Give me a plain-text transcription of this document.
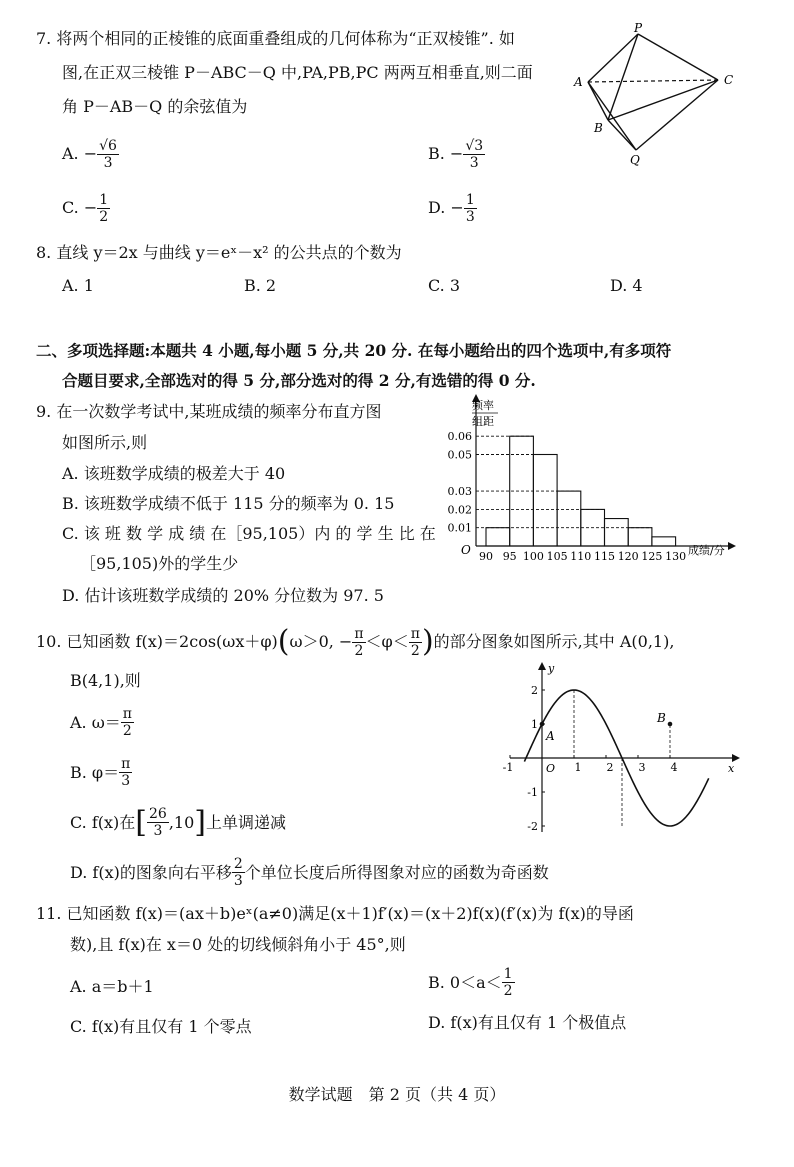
7. 将两个相同的正棱锥的底面重叠组成的几何体称为“正双棱锥”. 如
图,在正双三棱锥 P－ABC－Q 中,PA,PB,PC 两两互相垂直,则二面
角 P－AB－Q 的余弦值为
A. − $\frac{√6}{3}$	B. − $\frac{√3}{3}$
C. − $\frac{1}{2}$	D. − $\frac{1}{3}$
P
A	C
B
Q
8. 直线 y＝2x 与曲线 y＝eˣ－x² 的公共点的个数为
A. 1	B. 2	C. 3	D. 4
二、多项选择题:本题共 4 小题,每小题 5 分,共 20 分. 在每小题给出的四个选项中,有多项符
合题目要求,全部选对的得 5 分,部分选对的得 2 分,有选错的得 0 分.
9. 在一次数学考试中,某班成绩的频率分布直方图
如图所示,则
A. 该班数学成绩的极差大于 40
B. 该班数学成绩不低于 115 分的频率为 0. 15
C. 该 班 数 学 成 绩 在［95,105）内 的 学 生 比 在
［95,105)外的学生少
D. 估计该班数学成绩的 20% 分位数为 97. 5
频率
组距
O	成绩/分
0.06
0.05
0.03
0.02
0.01
90 95 100 105 110 115 120 125 130
10. 已知函数 f(x)＝2cos(ωx＋φ) ( ω＞0, − $\frac{\pi}{2} <\varphi< \frac{\pi}{2}$ ) 的部分图象如图所示,其中 A(0,1),
B(4,1),则
A. $\omega= \frac{\pi}{2}$
B. $\varphi= \frac{\pi}{3}$
C. f(x)在 [ $\frac{26}{3} ,10$ ] 上单调递减
D. f(x)的图象向右平移 $\frac{2}{3}$ 个单位长度后所得图象对应的函数为奇函数
x
y
O
-1	1 2 3 4
2
1
-1
-2
A
B
11. 已知函数 f(x)＝(ax＋b)eˣ(a≠0)满足(x＋1)f′(x)＝(x＋2)f(x)(f′(x)为 f(x)的导函
数),且 f(x)在 x＝0 处的切线倾斜角小于 45°,则
A. a＝b＋1	B. $0<a< \frac{1}{2}$
C. f(x)有且仅有 1 个零点	D. f(x)有且仅有 1 个极值点
数学试题　第 2 页（共 4 页）
